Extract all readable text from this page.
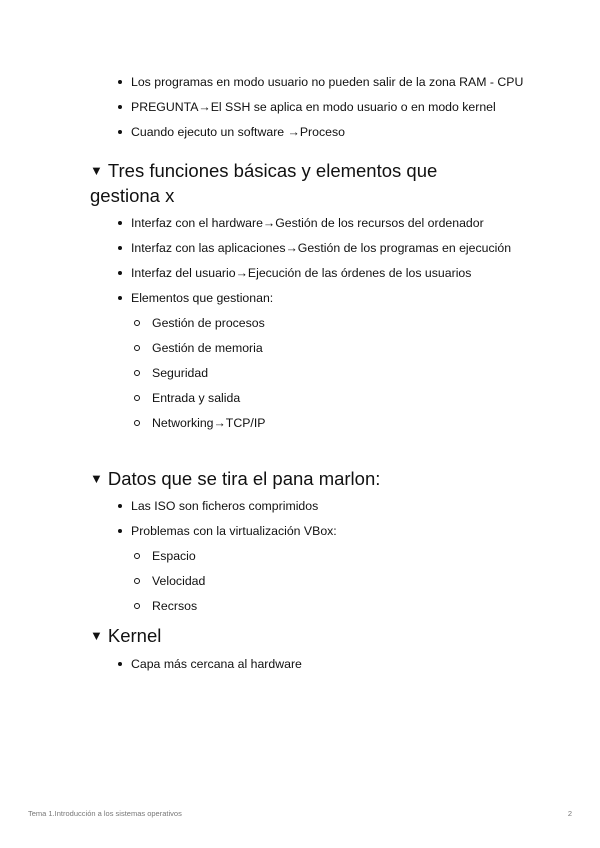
Los programas en modo usuario no pueden salir de la zona RAM - CPU
PREGUNTA→El SSH se aplica en modo usuario o en modo kernel
Cuando ejecuto un software →Proceso
▼ Tres funciones básicas y elementos que gestiona x
Interfaz con el hardware→Gestión de los recursos del ordenador
Interfaz con las aplicaciones→Gestión de los programas en ejecución
Interfaz del usuario→Ejecución de las órdenes de los usuarios
Elementos que gestionan:
Gestión de procesos
Gestión de memoria
Seguridad
Entrada y salida
Networking→TCP/IP
▼ Datos que se tira el pana marlon:
Las ISO son ficheros comprimidos
Problemas con la virtualización VBox:
Espacio
Velocidad
Recrsos
▼ Kernel
Capa más cercana al hardware
Tema 1.Introducción a los sistemas operativos	2
